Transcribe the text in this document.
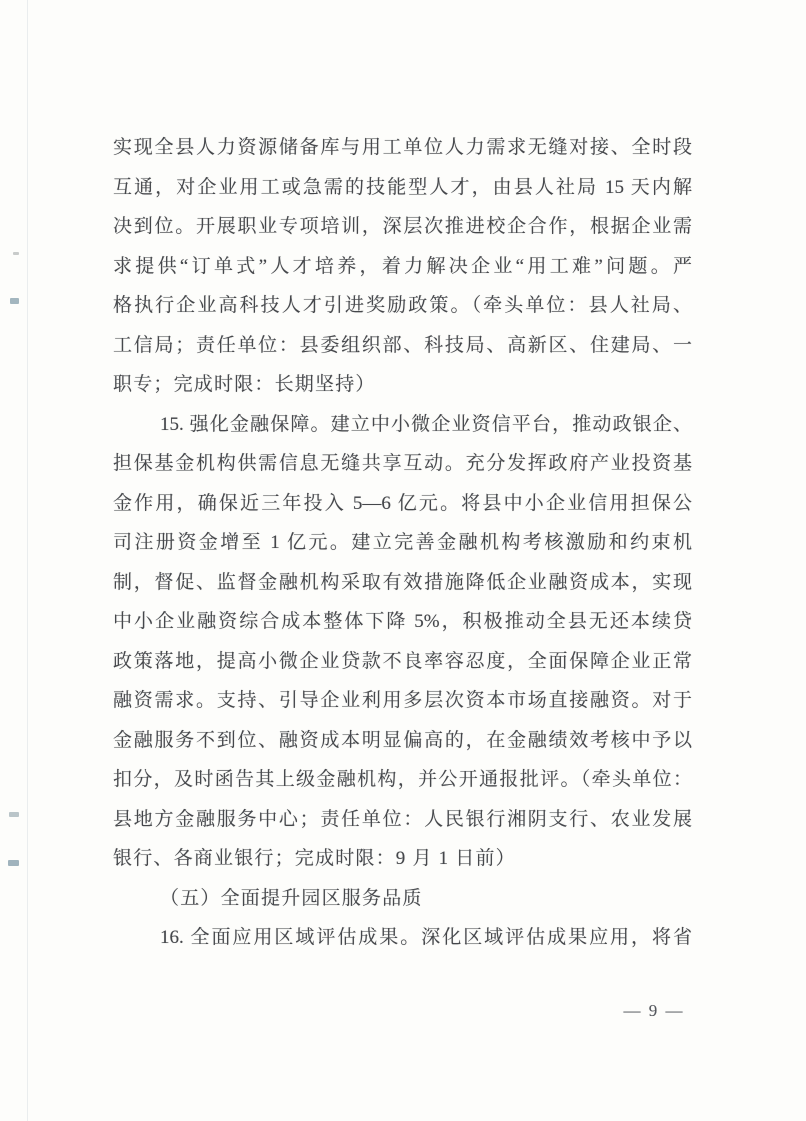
实现全县人力资源储备库与用工单位人力需求无缝对接、全时段
互通，对企业用工或急需的技能型人才，由县人社局 15 天内解
决到位。开展职业专项培训，深层次推进校企合作，根据企业需
求提供“订单式”人才培养，着力解决企业“用工难”问题。严
格执行企业高科技人才引进奖励政策。（牵头单位：县人社局、
工信局；责任单位：县委组织部、科技局、高新区、住建局、一
职专；完成时限：长期坚持）
15. 强化金融保障。建立中小微企业资信平台，推动政银企、
担保基金机构供需信息无缝共享互动。充分发挥政府产业投资基
金作用，确保近三年投入 5—6 亿元。将县中小企业信用担保公
司注册资金增至 1 亿元。建立完善金融机构考核激励和约束机
制，督促、监督金融机构采取有效措施降低企业融资成本，实现
中小企业融资综合成本整体下降 5%，积极推动全县无还本续贷
政策落地，提高小微企业贷款不良率容忍度，全面保障企业正常
融资需求。支持、引导企业利用多层次资本市场直接融资。对于
金融服务不到位、融资成本明显偏高的，在金融绩效考核中予以
扣分，及时函告其上级金融机构，并公开通报批评。（牵头单位：
县地方金融服务中心；责任单位：人民银行湘阴支行、农业发展
银行、各商业银行；完成时限：9 月 1 日前）
（五）全面提升园区服务品质
16. 全面应用区域评估成果。深化区域评估成果应用，将省
— 9 —
